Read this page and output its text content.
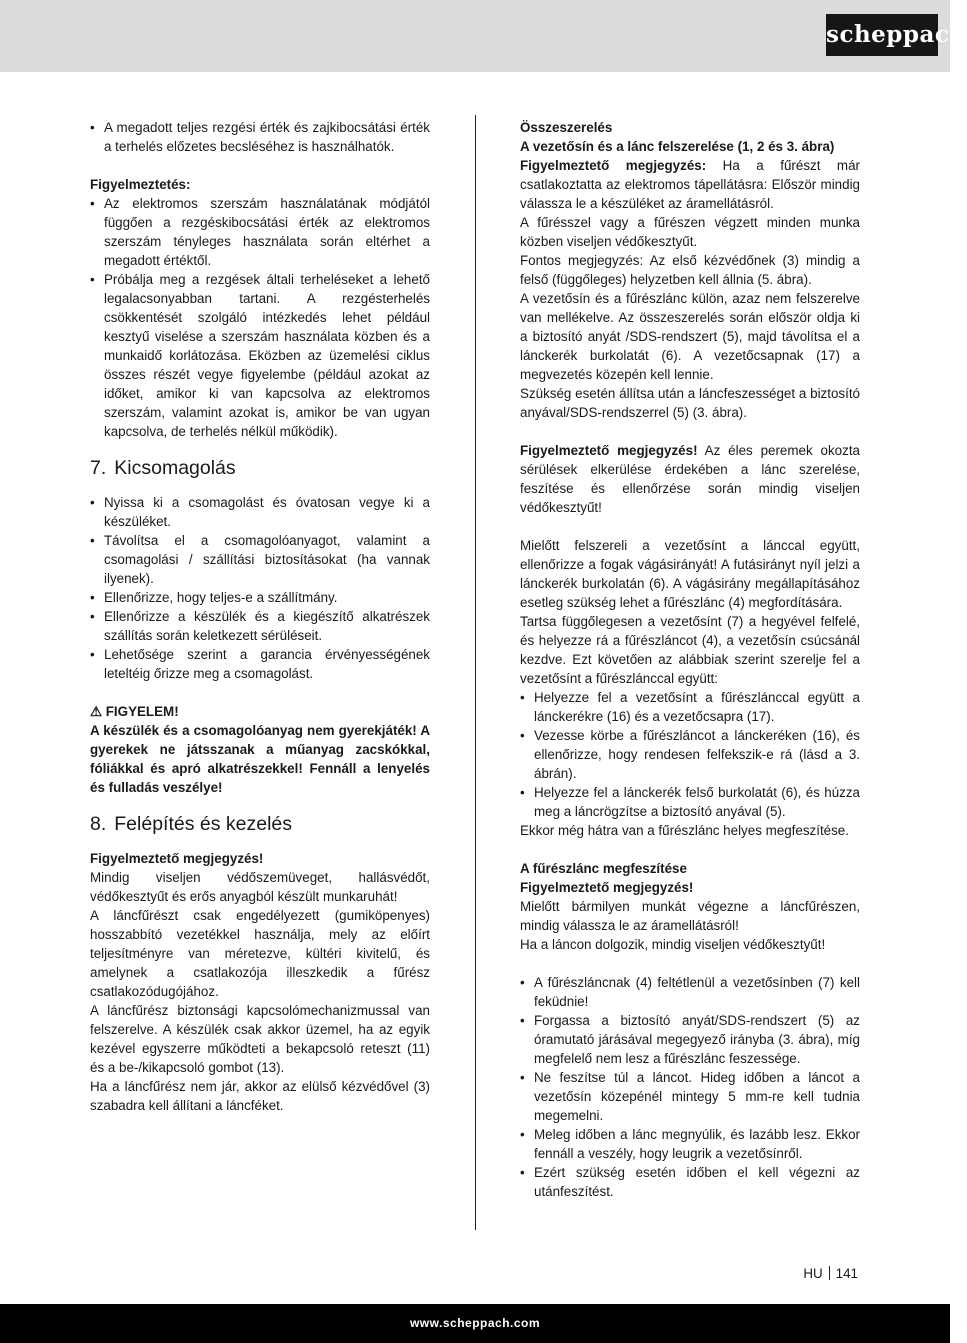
scheppach
• A megadott teljes rezgési érték és zajkibocsátási érték a terhelés előzetes becsléséhez is használhatók.

Figyelmeztetés:

• Az elektromos szerszám használatának módjától függően a rezgéskibocsátási érték az elektromos szerszám tényleges használata során eltérhet a megadott értéktől.
• Próbálja meg a rezgések általi terheléseket a lehető legalacsonyabban tartani. A rezgésterhelés csökkentését szolgáló intézkedés lehet például kesztyű viselése a szerszám használata közben és a munkaidő korlátozása. Eközben az üzemelési ciklus összes részét vegye figyelembe (például azokat az időket, amikor ki van kapcsolva az elektromos szerszám, valamint azokat is, amikor be van ugyan kapcsolva, de terhelés nélkül működik).
7. Kicsomagolás
• Nyissa ki a csomagolást és óvatosan vegye ki a készüléket.
• Távolítsa el a csomagolóanyagot, valamint a csomagolási / szállítási biztosításokat (ha vannak ilyenek).
• Ellenőrizze, hogy teljes-e a szállítmány.
• Ellenőrizze a készülék és a kiegészítő alkatrészek szállítás során keletkezett sérüléseit.
• Lehetősége szerint a garancia érvényességének leteltéig őrizze meg a csomagolást.

⚠ FIGYELEM!

A készülék és a csomagolóanyag nem gyerekjáték! A gyerekek ne játsszanak a műanyag zacskókkal, fóliákkal és apró alkatrészekkel! Fennáll a lenyelés és fulladás veszélye!

8. Felépítés és kezelés

Figyelmeztető megjegyzés!

Mindig viseljen védőszemüveget, hallásvédőt, védőkesztyűt és erős anyagból készült munkaruhát!

A láncfűrészt csak engedélyezett (gumiköpenyes) hosszabbító vezetékkel használja, mely az előírt teljesítményre van méretezve, kültéri kivitelű, és amelynek a csatlakozója illeszkedik a fűrész csatlakozódugójához.

A láncfűrész biztonsági kapcsolómechanizmussal van felszerelve. A készülék csak akkor üzemel, ha az egyik kezével egyszerre működteti a bekapcsoló reteszt (11) és a be-/kikapcsoló gombot (13).

Ha a láncfűrész nem jár, akkor az elülső kézvédővel (3) szabadra kell állítani a láncféket.

Összeszerelés

A vezetősín és a lánc felszerelése (1, 2 és 3. ábra)

Figyelmeztető megjegyzés: Ha a fűrészt már csatlakoztatta az elektromos tápellátásra: Először mindig válassza le a készüléket az áramellátásról.

A fűrésszel vagy a fűrészen végzett minden munka közben viseljen védőkesztyűt.

Fontos megjegyzés: Az első kézvédőnek (3) mindig a felső (függőleges) helyzetben kell állnia (5. ábra).

A vezetősín és a fűrészlánc külön, azaz nem felszerelve van mellékelve. Az összeszerelés során először oldja ki a biztosító anyát /SDS-rendszert (5), majd távolítsa el a lánckerék burkolatát (6). A vezetőcsapnak (17) a megvezetés közepén kell lennie.

Szükség esetén állítsa után a láncfeszességet a biztosító anyával/SDS-rendszerrel (5) (3. ábra).

Figyelmeztető megjegyzés! Az éles peremek okozta sérülések elkerülése érdekében a lánc szerelése, feszítése és ellenőrzése során mindig viseljen védőkesztyűt!

Mielőtt felszereli a vezetősínt a lánccal együtt, ellenőrizze a fogak vágásirányát! A futásirányt nyíl jelzi a lánckerék burkolatán (6). A vágásirány megállapításához esetleg szükség lehet a fűrészlánc (4) megfordítására.

Tartsa függőlegesen a vezetősínt (7) a hegyével felfelé, és helyezze rá a fűrészláncot (4), a vezetősín csúcsánál kezdve. Ezt követően az alábbiak szerint szerelje fel a vezetősínt a fűrészlánccal együtt:

• Helyezze fel a vezetősínt a fűrészlánccal együtt a lánckerékre (16) és a vezetőcsapra (17).
• Vezesse körbe a fűrészláncot a lánckeréken (16), és ellenőrizze, hogy rendesen felfekszik-e rá (lásd a 3. ábrán).
• Helyezze fel a lánckerék felső burkolatát (6), és húzza meg a láncrögzítse a biztosító anyával (5).

Ekkor még hátra van a fűrészlánc helyes megfeszítése.

A fűrészlánc megfeszítése

Figyelmeztető megjegyzés!

Mielőtt bármilyen munkát végezne a láncfűrészen, mindig válassza le az áramellátásról!

Ha a láncon dolgozik, mindig viseljen védőkesztyűt!

• A fűrészláncnak (4) feltétlenül a vezetősínben (7) kell feküdnie!
• Forgassa a biztosító anyát/SDS-rendszert (5) az óramutató járásával megegyező irányba (3. ábra), míg megfelelő nem lesz a fűrészlánc feszessége.
• Ne feszítse túl a láncot. Hideg időben a láncot a vezetősín közepénél mintegy 5 mm-re kell tudnia megemelni.
• Meleg időben a lánc megnyúlik, és lazább lesz. Ekkor fennáll a veszély, hogy leugrik a vezetősínről.
• Ezért szükség esetén időben el kell végezni az utánfeszítést.
HU 141
www.scheppach.com
